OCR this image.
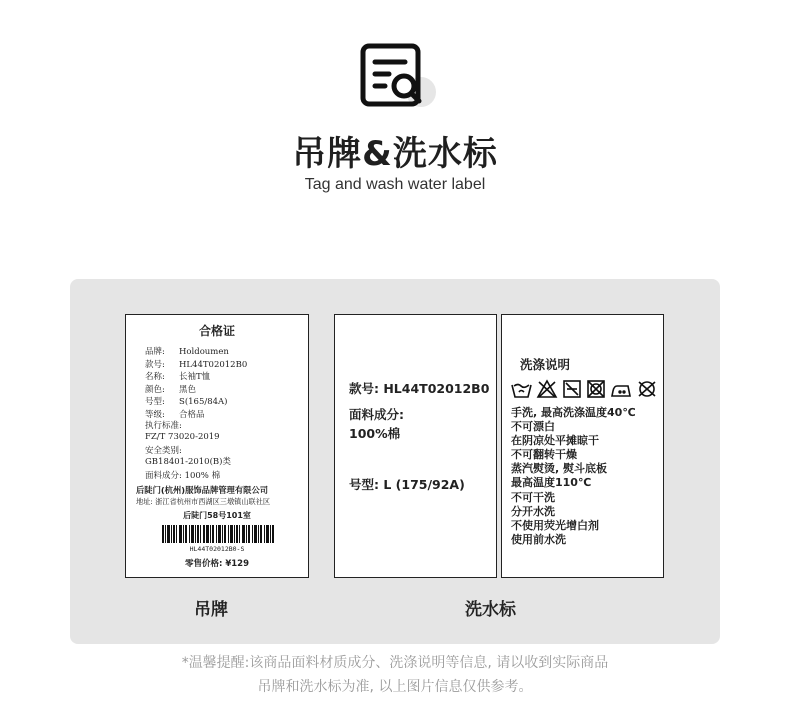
吊牌&洗水标
Tag and wash water label
合格证
品牌: Holdoumen
款号: HL44T02012B0
名称: 长袖T恤
颜色: 黑色
号型: S(165/84A)
等级: 合格品
执行标准:
FZ/T 73020-2019
安全类别:
GB18401-2010(B)类
面料成分: 100% 棉
后陡门(杭州)服饰品牌管理有限公司
地址: 浙江省杭州市西湖区三墩镇山联社区
后陡门58号101室
HL44T02012B0-S
零售价格: ¥129
款号: HL44T02012B0
面料成分:
100%棉
号型: L (175/92A)
洗涤说明
手洗, 最高洗涤温度40℃
不可漂白
在阴凉处平摊晾干
不可翻转干燥
蒸汽熨烫, 熨斗底板
最高温度110℃
不可干洗
分开水洗
不使用荧光增白剂
使用前水洗
吊牌	洗水标
*温馨提醒:该商品面料材质成分、洗涤说明等信息, 请以收到实际商品
吊牌和洗水标为准, 以上图片信息仅供参考。
